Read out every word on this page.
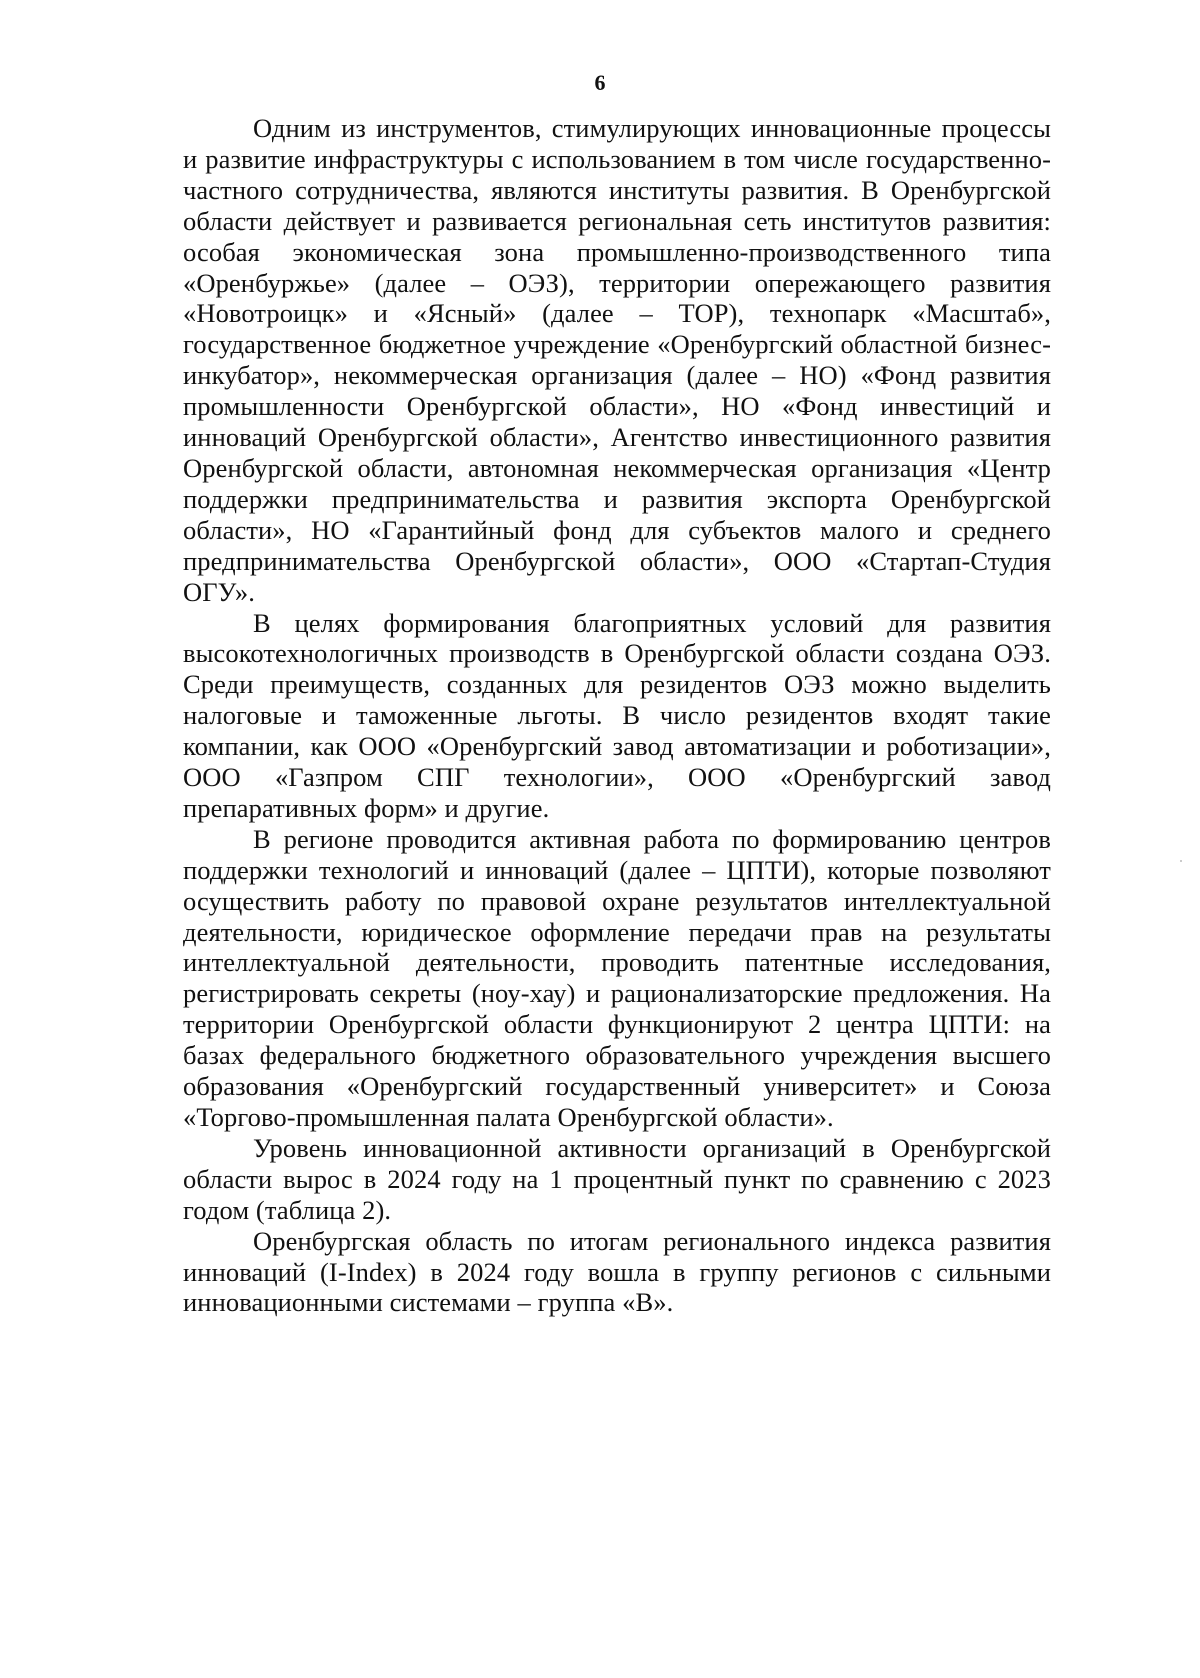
6

Одним из инструментов, стимулирующих инновационные процессы и развитие инфраструктуры с использованием в том числе государственно-частного сотрудничества, являются институты развития. В Оренбургской области действует и развивается региональная сеть институтов развития: особая экономическая зона промышленно-производственного типа «Оренбуржье» (далее – ОЭЗ), территории опережающего развития «Новотроицк» и «Ясный» (далее – ТОР), технопарк «Масштаб», государственное бюджетное учреждение «Оренбургский областной бизнес-инкубатор», некоммерческая организация (далее – НО) «Фонд развития промышленности Оренбургской области», НО «Фонд инвестиций и инноваций Оренбургской области», Агентство инвестиционного развития Оренбургской области, автономная некоммерческая организация «Центр поддержки предпринимательства и развития экспорта Оренбургской области», НО «Гарантийный фонд для субъектов малого и среднего предпринимательства Оренбургской области», ООО «Стартап-Студия ОГУ».

В целях формирования благоприятных условий для развития высокотехнологичных производств в Оренбургской области создана ОЭЗ. Среди преимуществ, созданных для резидентов ОЭЗ можно выделить налоговые и таможенные льготы. В число резидентов входят такие компании, как ООО «Оренбургский завод автоматизации и роботизации», ООО «Газпром СПГ технологии», ООО «Оренбургский завод препаративных форм» и другие.

В регионе проводится активная работа по формированию центров поддержки технологий и инноваций (далее – ЦПТИ), которые позволяют осуществить работу по правовой охране результатов интеллектуальной деятельности, юридическое оформление передачи прав на результаты интеллектуальной деятельности, проводить патентные исследования, регистрировать секреты (ноу-хау) и рационализаторские предложения. На территории Оренбургской области функционируют 2 центра ЦПТИ: на базах федерального бюджетного образовательного учреждения высшего образования «Оренбургский государственный университет» и Союза «Торгово-промышленная палата Оренбургской области».

Уровень инновационной активности организаций в Оренбургской области вырос в 2024 году на 1 процентный пункт по сравнению с 2023 годом (таблица 2).

Оренбургская область по итогам регионального индекса развития инноваций (I-Index) в 2024 году вошла в группу регионов с сильными инновационными системами – группа «В».
